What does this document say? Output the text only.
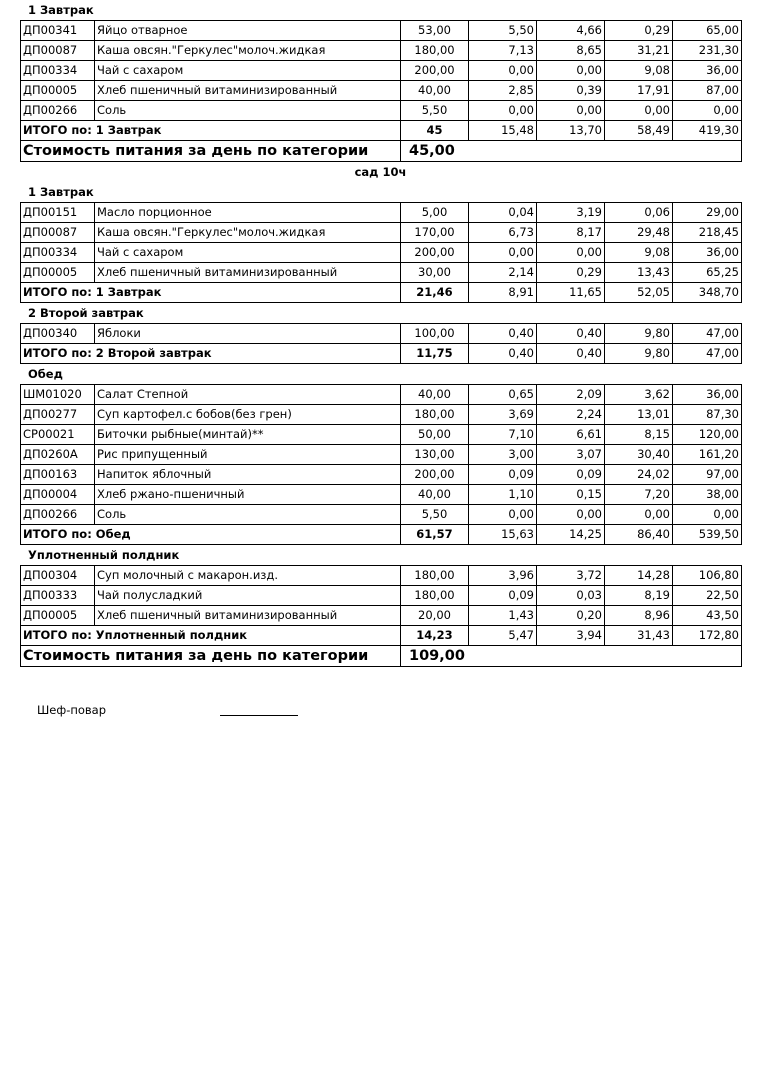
1 Завтрак
ДП00341	Яйцо отварное	53,00	5,50	4,66	0,29	65,00
ДП00087	Каша овсян."Геркулес"молоч.жидкая	180,00	7,13	8,65	31,21	231,30
ДП00334	Чай с сахаром	200,00	0,00	0,00	9,08	36,00
ДП00005	Хлеб пшеничный витаминизированный	40,00	2,85	0,39	17,91	87,00
ДП00266	Соль	5,50	0,00	0,00	0,00	0,00
ИТОГО по: 1 Завтрак		45	15,48	13,70	58,49	419,30
Стоимость питания за день по категории		45,00				
сад 10ч
1 Завтрак
ДП00151	Масло порционное	5,00	0,04	3,19	0,06	29,00
ДП00087	Каша овсян."Геркулес"молоч.жидкая	170,00	6,73	8,17	29,48	218,45
ДП00334	Чай с сахаром	200,00	0,00	0,00	9,08	36,00
ДП00005	Хлеб пшеничный витаминизированный	30,00	2,14	0,29	13,43	65,25
ИТОГО по: 1 Завтрак		21,46	8,91	11,65	52,05	348,70
2 Второй завтрак
ДП00340	Яблоки	100,00	0,40	0,40	9,80	47,00
ИТОГО по: 2 Второй завтрак		11,75	0,40	0,40	9,80	47,00
Обед
ШМ01020	Салат Степной	40,00	0,65	2,09	3,62	36,00
ДП00277	Суп картофел.с бобов(без грен)	180,00	3,69	2,24	13,01	87,30
СР00021	Биточки рыбные(минтай)**	50,00	7,10	6,61	8,15	120,00
ДП0260А	Рис припущенный	130,00	3,00	3,07	30,40	161,20
ДП00163	Напиток яблочный	200,00	0,09	0,09	24,02	97,00
ДП00004	Хлеб ржано-пшеничный	40,00	1,10	0,15	7,20	38,00
ДП00266	Соль	5,50	0,00	0,00	0,00	0,00
ИТОГО по: Обед		61,57	15,63	14,25	86,40	539,50
Уплотненный полдник
ДП00304	Суп молочный с макарон.изд.	180,00	3,96	3,72	14,28	106,80
ДП00333	Чай полусладкий	180,00	0,09	0,03	8,19	22,50
ДП00005	Хлеб пшеничный витаминизированный	20,00	1,43	0,20	8,96	43,50
ИТОГО по: Уплотненный полдник		14,23	5,47	3,94	31,43	172,80
Стоимость питания за день по категории		109,00				
Шеф-повар
